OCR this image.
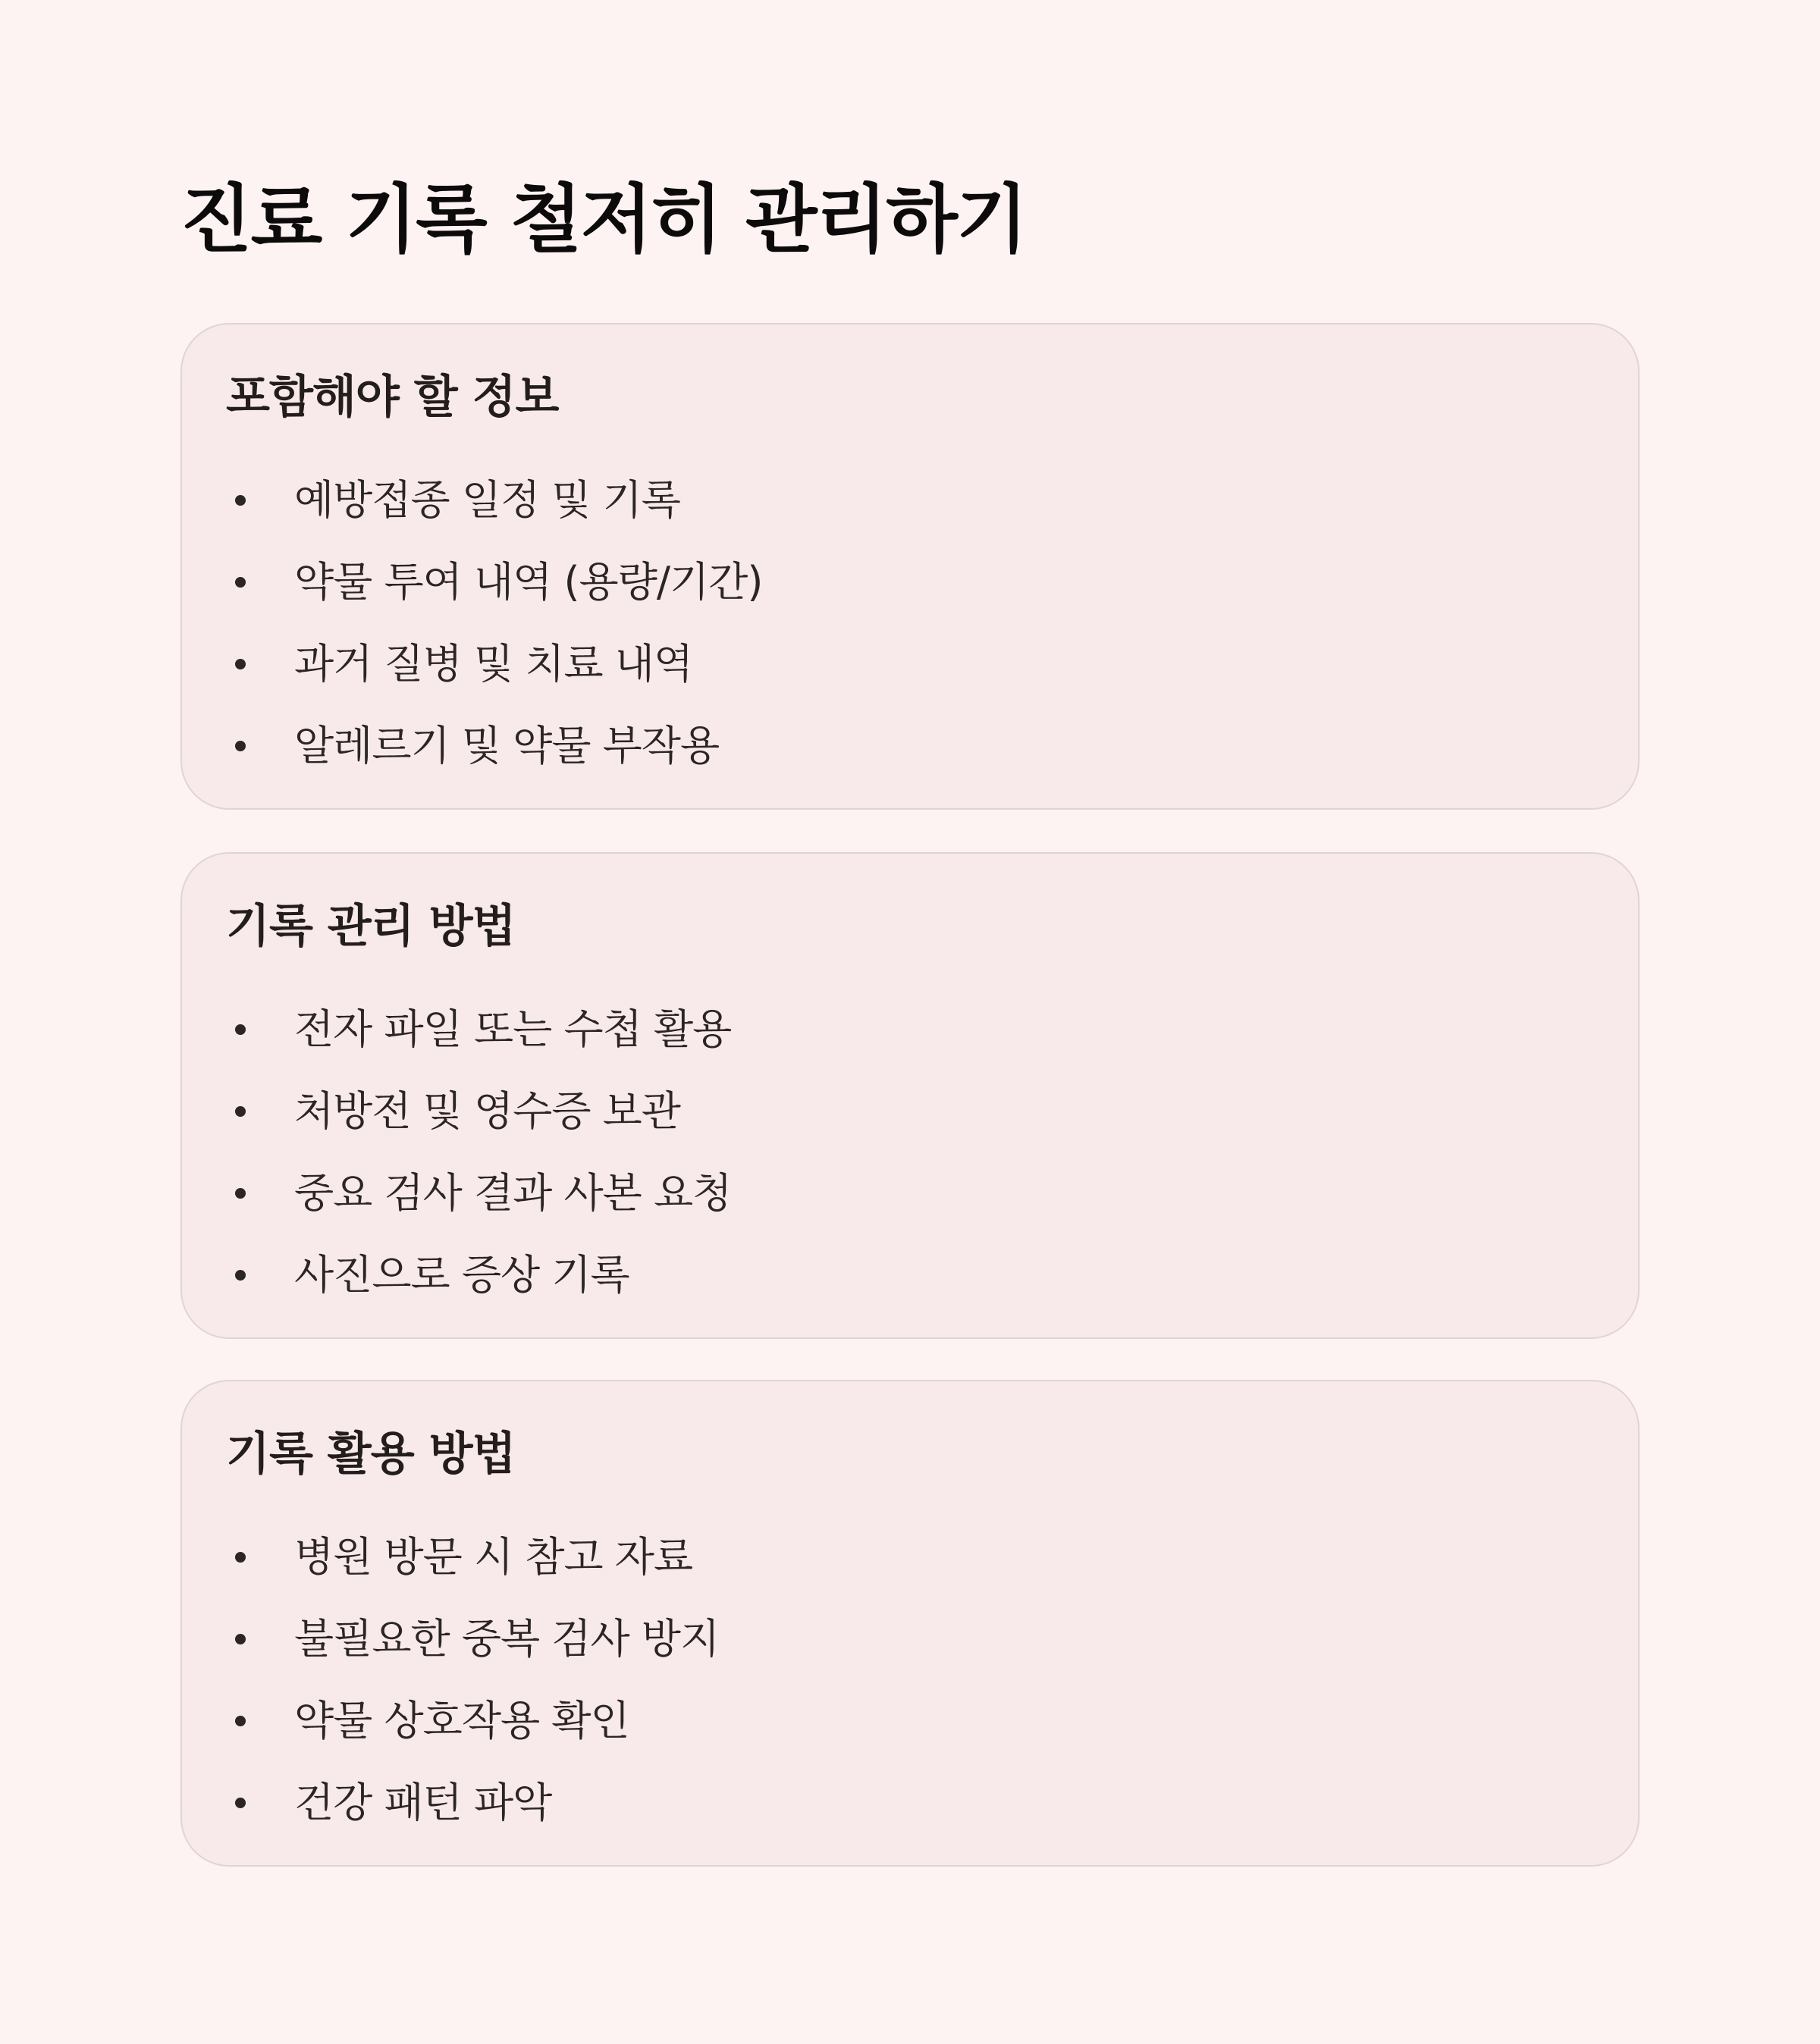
진료 기록 철저히 관리하기
포함해야 할 정보
예방접종 일정 및 기록
약물 투여 내역 (용량/기간)
과거 질병 및 치료 내역
알레르기 및 약물 부작용
기록 관리 방법
전자 파일 또는 수첩 활용
처방전 및 영수증 보관
중요 검사 결과 사본 요청
사진으로 증상 기록
기록 활용 방법
병원 방문 시 참고 자료
불필요한 중복 검사 방지
약물 상호작용 확인
건강 패턴 파악
